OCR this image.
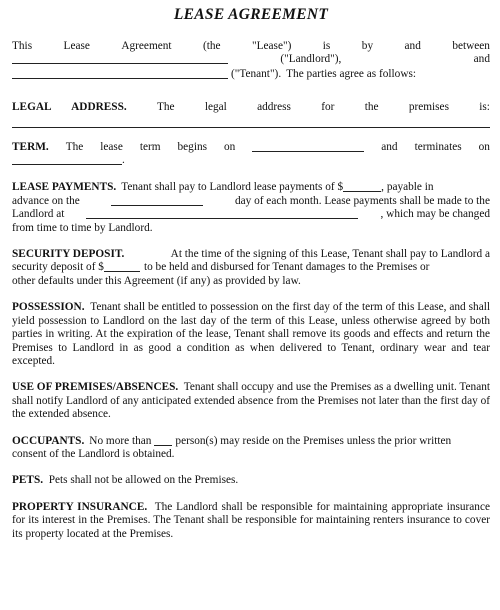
LEASE AGREEMENT
This	Lease	Agreement	(the	"Lease")	is	by	and	between
("Landlord"),	and
("Tenant"). The parties agree as follows:
LEGAL ADDRESS.	The	legal	address	for	the	premises	is:
TERM. The lease term begins on	and terminates on
.
LEASE PAYMENTS. Tenant shall pay to Landlord lease payments of $	, payable in
advance on the	day of each month. Lease payments shall be made to the
Landlord at	, which may be changed

from time to time by Landlord.

SECURITY DEPOSIT.	At the time of the signing of this Lease, Tenant shall pay to Landlord a
security deposit of $	to be held and disbursed for Tenant damages to the Premises or

other defaults under this Agreement (if any) as provided by law.

POSSESSION. Tenant shall be entitled to possession on the first day of the term of this Lease, and shall yield possession to Landlord on the last day of the term of this Lease, unless otherwise agreed by both parties in writing. At the expiration of the lease, Tenant shall remove its goods and effects and return the Premises to Landlord in as good a condition as when delivered to Tenant, ordinary wear and tear excepted.

USE OF PREMISES/ABSENCES. Tenant shall occupy and use the Premises as a dwelling unit. Tenant shall notify Landlord of any anticipated extended absence from the Premises not later than the first day of the extended absence.

OCCUPANTS. No more than person(s) may reside on the Premises unless the prior written

consent of the Landlord is obtained.

PETS. Pets shall not be allowed on the Premises.

PROPERTY INSURANCE. The Landlord shall be responsible for maintaining appropriate insurance for its interest in the Premises. The Tenant shall be responsible for maintaining renters insurance to cover its property located at the Premises.
